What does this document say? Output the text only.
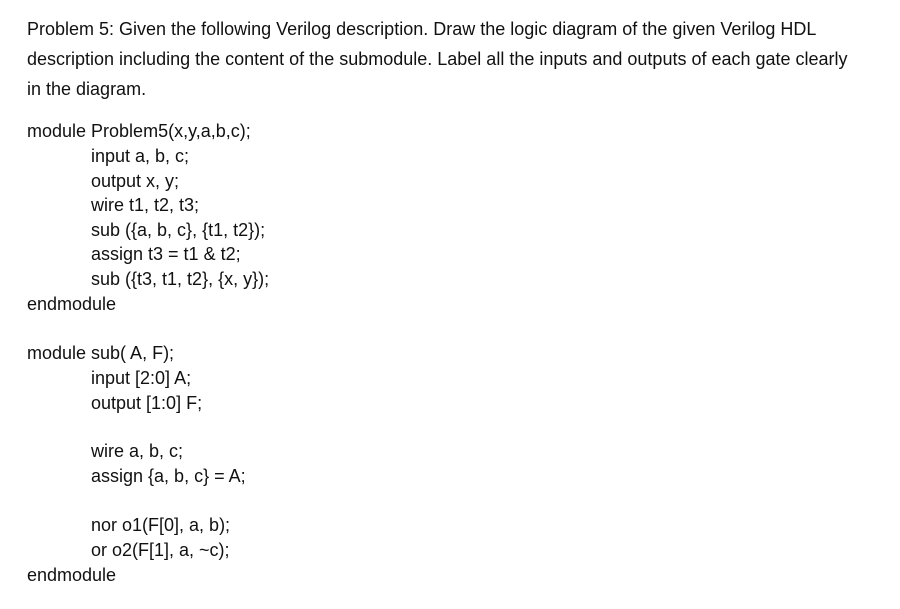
Problem 5: Given the following Verilog description. Draw the logic diagram of the given Verilog HDL
description including the content of the submodule. Label all the inputs and outputs of each gate clearly
in the diagram.
module Problem5(x,y,a,b,c);
input a, b, c;
output x, y;
wire t1, t2, t3;
sub ({a, b, c}, {t1, t2});
assign t3 = t1 & t2;
sub ({t3, t1, t2}, {x, y});
endmodule
module sub( A, F);
input [2:0] A;
output [1:0] F;
wire a, b, c;
assign {a, b, c} = A;
nor o1(F[0], a, b);
or o2(F[1], a, ~c);
endmodule
